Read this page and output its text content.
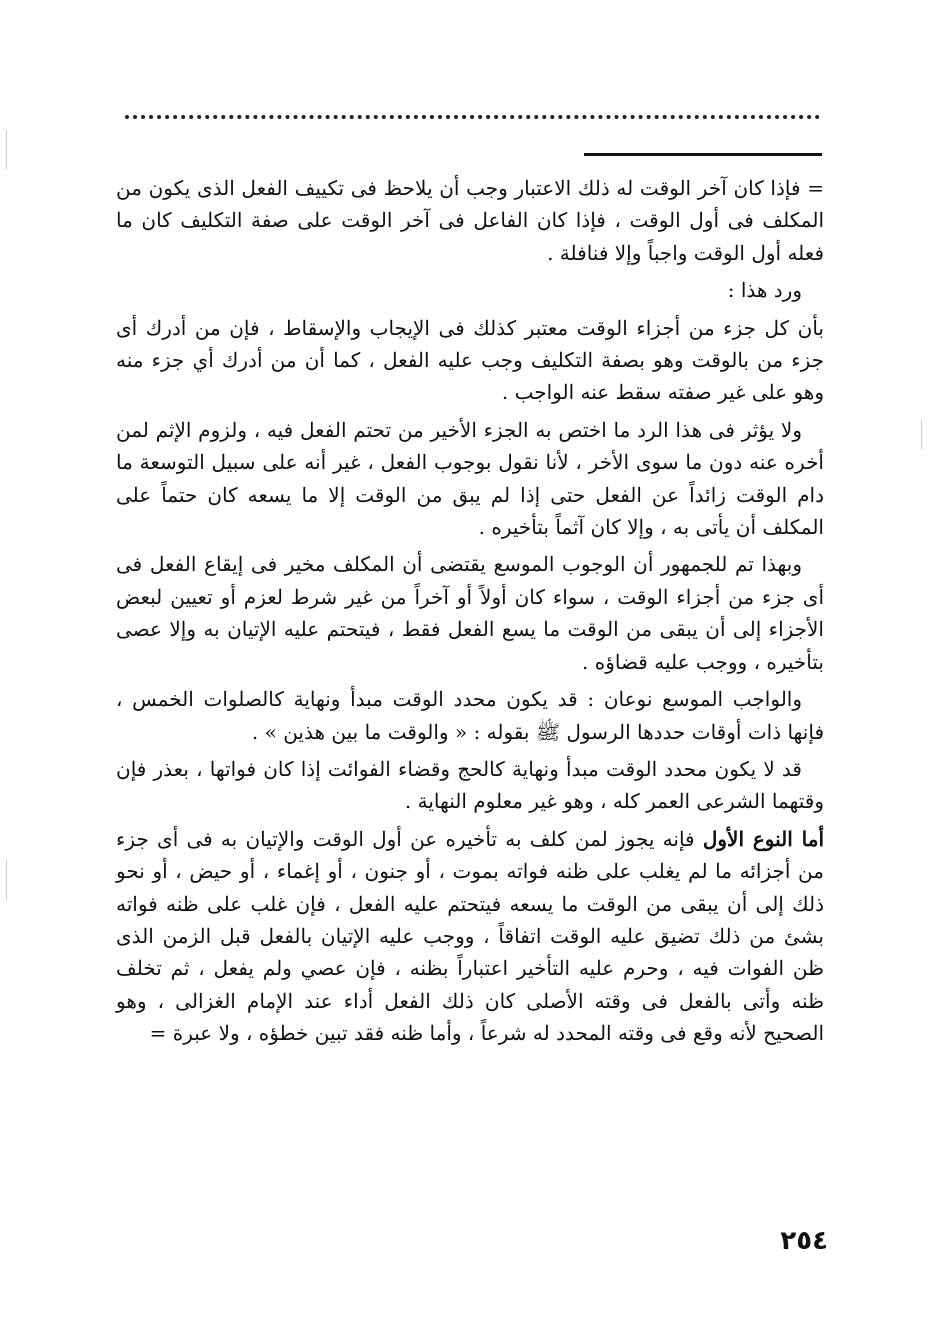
= فإذا كان آخر الوقت له ذلك الاعتبار وجب أن يلاحظ فى تكييف الفعل الذى يكون من المكلف فى أول الوقت ، فإذا كان الفاعل فى آخر الوقت على صفة التكليف كان ما فعله أول الوقت واجباً وإلا فنافلة .

ورد هذا :

بأن كل جزء من أجزاء الوقت معتبر كذلك فى الإيجاب والإسقاط ، فإن من أدرك أى جزء من بالوقت وهو بصفة التكليف وجب عليه الفعل ، كما أن من أدرك أي جزء منه وهو على غير صفته سقط عنه الواجب .

ولا يؤثر فى هذا الرد ما اختص به الجزء الأخير من تحتم الفعل فيه ، ولزوم الإثم لمن أخره عنه دون ما سوى الأخر ، لأنا نقول بوجوب الفعل ، غير أنه على سبيل التوسعة ما دام الوقت زائداً عن الفعل حتى إذا لم يبق من الوقت إلا ما يسعه كان حتماً على المكلف أن يأتى به ، وإلا كان آثماً بتأخيره .

وبهذا تم للجمهور أن الوجوب الموسع يقتضى أن المكلف مخير فى إيقاع الفعل فى أى جزء من أجزاء الوقت ، سواء كان أولاً أو آخراً من غير شرط لعزم أو تعيين لبعض الأجزاء إلى أن يبقى من الوقت ما يسع الفعل فقط ، فيتحتم عليه الإتيان به وإلا عصى بتأخيره ، ووجب عليه قضاؤه .

والواجب الموسع نوعان : قد يكون محدد الوقت مبدأ ونهاية كالصلوات الخمس ، فإنها ذات أوقات حددها الرسول ﷺ بقوله : « والوقت ما بين هذين » .

قد لا يكون محدد الوقت مبدأ ونهاية كالحج وقضاء الفوائت إذا كان فواتها ، بعذر فإن وقتهما الشرعى العمر كله ، وهو غير معلوم النهاية .

أما النوع الأول فإنه يجوز لمن كلف به تأخيره عن أول الوقت والإتيان به فى أى جزء من أجزائه ما لم يغلب على ظنه فواته بموت ، أو جنون ، أو إغماء ، أو حيض ، أو نحو ذلك إلى أن يبقى من الوقت ما يسعه فيتحتم عليه الفعل ، فإن غلب على ظنه فواته بشئ من ذلك تضيق عليه الوقت اتفاقاً ، ووجب عليه الإتيان بالفعل قبل الزمن الذى ظن الفوات فيه ، وحرم عليه التأخير اعتباراً بظنه ، فإن عصي ولم يفعل ، ثم تخلف ظنه وأتى بالفعل فى وقته الأصلى كان ذلك الفعل أداء عند الإمام الغزالى ، وهو الصحيح لأنه وقع فى وقته المحدد له شرعاً ، وأما ظنه فقد تبين خطؤه ، ولا عبرة =

٢٥٤
